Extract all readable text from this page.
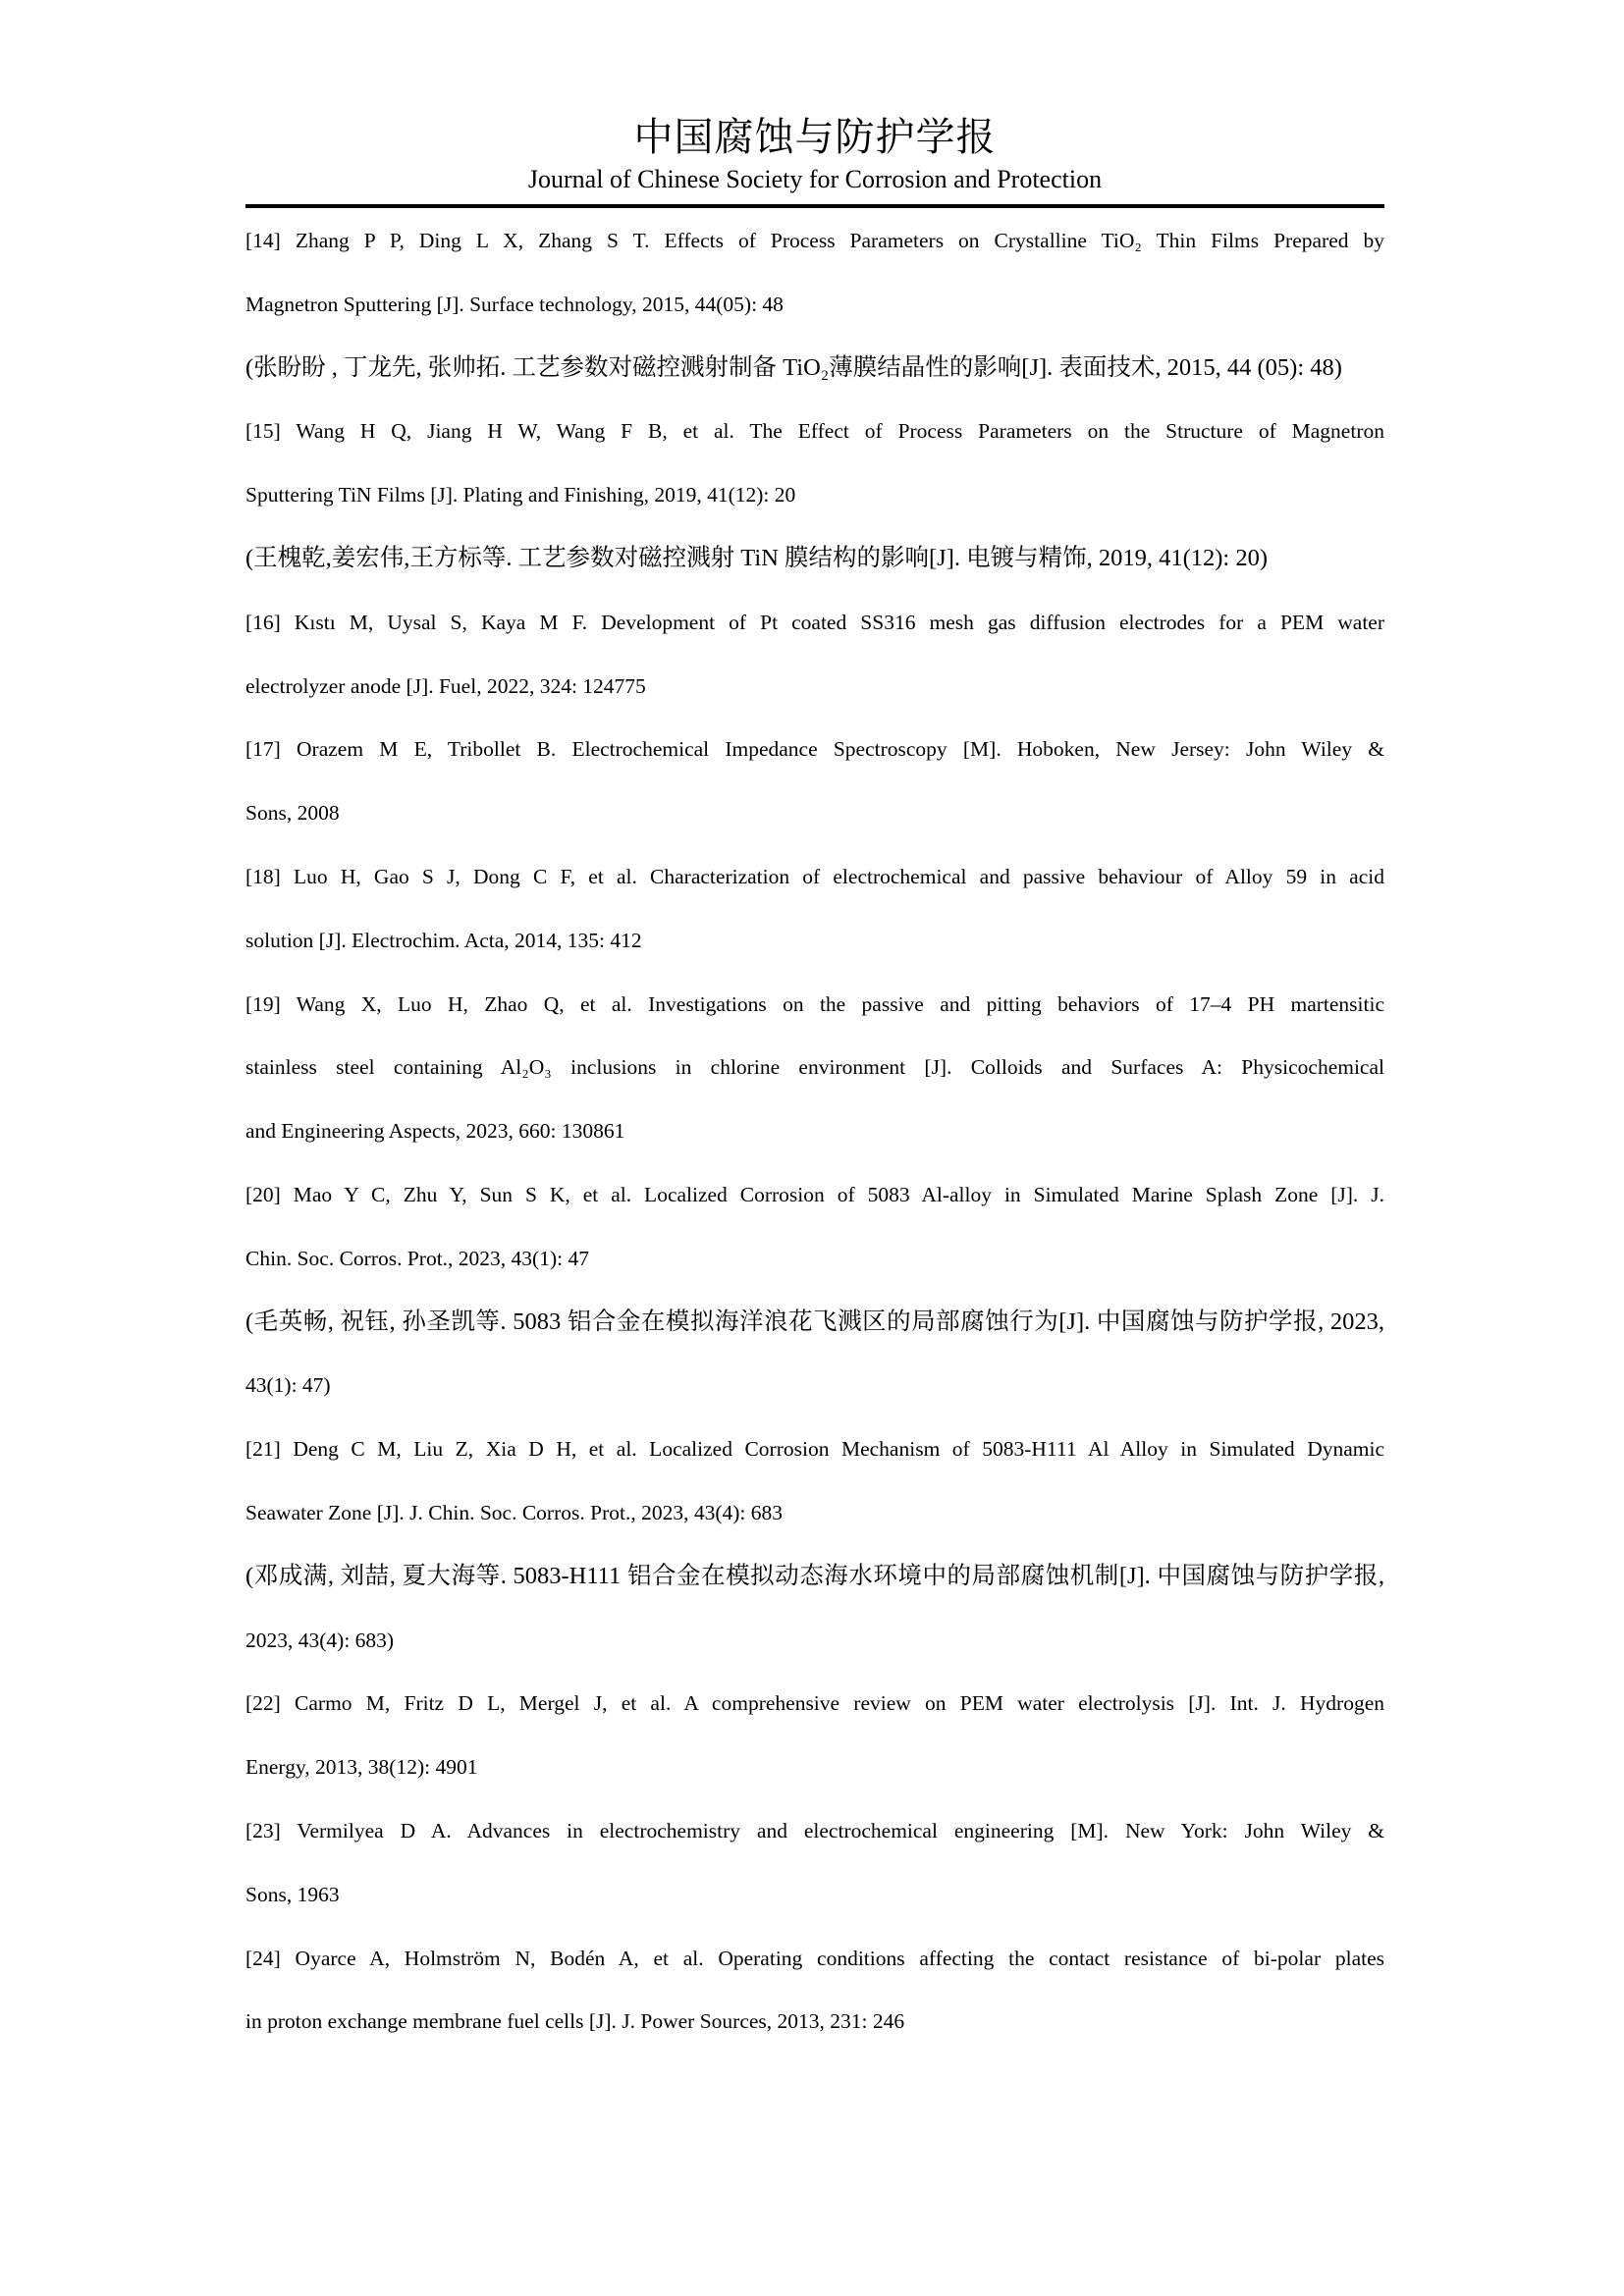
中国腐蚀与防护学报
Journal of Chinese Society for Corrosion and Protection
[14] Zhang P P, Ding L X, Zhang S T. Effects of Process Parameters on Crystalline TiO₂ Thin Films Prepared by
Magnetron Sputtering [J]. Surface technology, 2015, 44(05): 48
(张盼盼 , 丁龙先, 张帅拓. 工艺参数对磁控溅射制备 TiO₂薄膜结晶性的影响[J]. 表面技术, 2015, 44 (05): 48)
[15] Wang H Q, Jiang H W, Wang F B, et al. The Effect of Process Parameters on the Structure of Magnetron
Sputtering TiN Films [J]. Plating and Finishing, 2019, 41(12): 20
(王槐乾,姜宏伟,王方标等. 工艺参数对磁控溅射 TiN 膜结构的影响[J]. 电镀与精饰, 2019, 41(12): 20)
[16] Kıstı M, Uysal S, Kaya M F. Development of Pt coated SS316 mesh gas diffusion electrodes for a PEM water
electrolyzer anode [J]. Fuel, 2022, 324: 124775
[17] Orazem M E, Tribollet B. Electrochemical Impedance Spectroscopy [M]. Hoboken, New Jersey: John Wiley &
Sons, 2008
[18] Luo H, Gao S J, Dong C F, et al. Characterization of electrochemical and passive behaviour of Alloy 59 in acid
solution [J]. Electrochim. Acta, 2014, 135: 412
[19] Wang X, Luo H, Zhao Q, et al. Investigations on the passive and pitting behaviors of 17–4 PH martensitic
stainless steel containing Al₂O₃ inclusions in chlorine environment [J]. Colloids and Surfaces A: Physicochemical
and Engineering Aspects, 2023, 660: 130861
[20] Mao Y C, Zhu Y, Sun S K, et al. Localized Corrosion of 5083 Al-alloy in Simulated Marine Splash Zone [J]. J.
Chin. Soc. Corros. Prot., 2023, 43(1): 47
(毛英畅, 祝钰, 孙圣凯等. 5083 铝合金在模拟海洋浪花飞溅区的局部腐蚀行为[J]. 中国腐蚀与防护学报, 2023,
43(1): 47)
[21] Deng C M, Liu Z, Xia D H, et al. Localized Corrosion Mechanism of 5083-H111 Al Alloy in Simulated Dynamic
Seawater Zone [J]. J. Chin. Soc. Corros. Prot., 2023, 43(4): 683
(邓成满, 刘喆, 夏大海等. 5083-H111 铝合金在模拟动态海水环境中的局部腐蚀机制[J]. 中国腐蚀与防护学报,
2023, 43(4): 683)
[22] Carmo M, Fritz D L, Mergel J, et al. A comprehensive review on PEM water electrolysis [J]. Int. J. Hydrogen
Energy, 2013, 38(12): 4901
[23] Vermilyea D A. Advances in electrochemistry and electrochemical engineering [M]. New York: John Wiley &
Sons, 1963
[24] Oyarce A, Holmström N, Bodén A, et al. Operating conditions affecting the contact resistance of bi-polar plates
in proton exchange membrane fuel cells [J]. J. Power Sources, 2013, 231: 246
